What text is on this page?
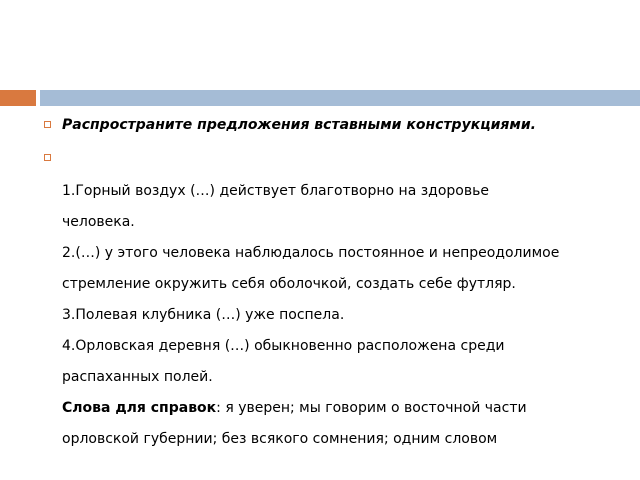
Распространите предложения вставными конструкциями.
1.Горный воздух (…) действует благотворно на здоровье
человека.
2.(…) у этого человека наблюдалось постоянное и непреодолимое
стремление окружить себя оболочкой, создать себе футляр.
3.Полевая клубника (…) уже поспела.
4.Орловская деревня (…) обыкновенно расположена среди
распаханных полей.
Слова для справок: я уверен; мы говорим о восточной части
орловской губернии; без всякого сомнения; одним словом
